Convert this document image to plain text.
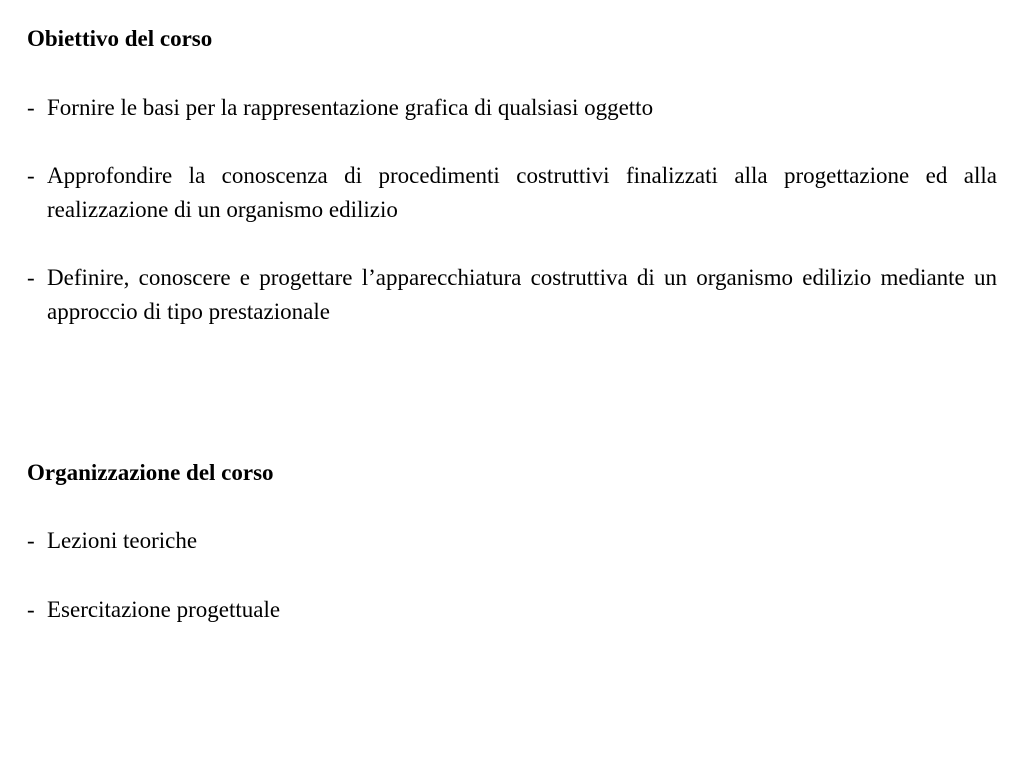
Obiettivo del corso
- Fornire le basi per la rappresentazione grafica di qualsiasi oggetto
- Approfondire la conoscenza di procedimenti costruttivi finalizzati alla progettazione ed alla realizzazione di un organismo edilizio
- Definire, conoscere e progettare l’apparecchiatura costruttiva di un organismo edilizio mediante un approccio di tipo prestazionale
Organizzazione del corso
- Lezioni teoriche
- Esercitazione progettuale
